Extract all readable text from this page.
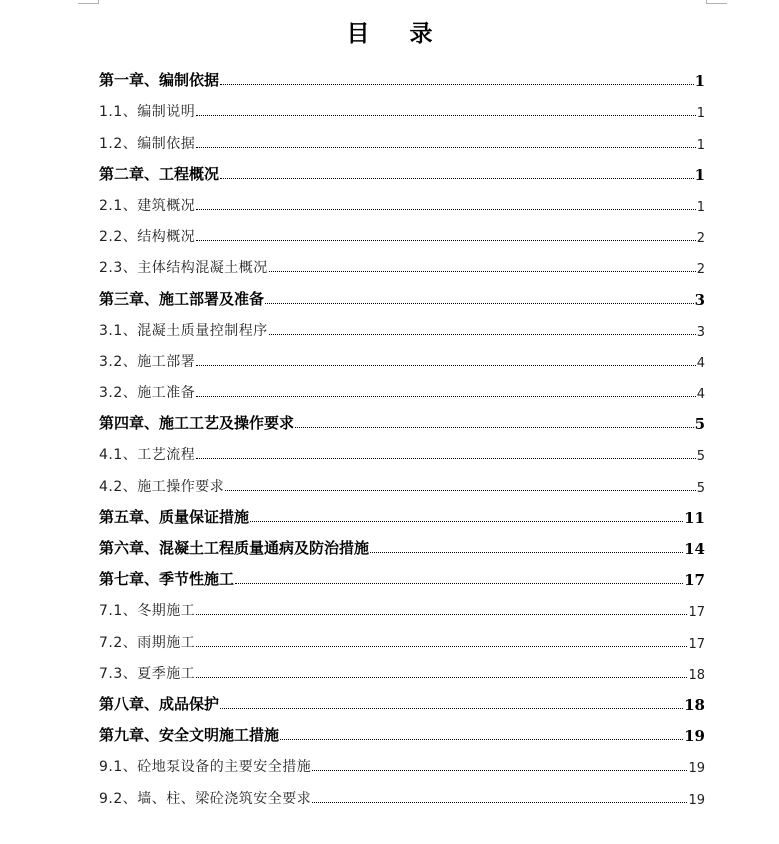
目 录
第一章、编制依据	1
1.1、编制说明	1
1.2、编制依据	1
第二章、工程概况	1
2.1、建筑概况	1
2.2、结构概况	2
2.3、主体结构混凝土概况	2
第三章、施工部署及准备	3
3.1、混凝土质量控制程序	3
3.2、施工部署	4
3.2、施工准备	4
第四章、施工工艺及操作要求	5
4.1、工艺流程	5
4.2、施工操作要求	5
第五章、质量保证措施	11
第六章、混凝土工程质量通病及防治措施	14
第七章、季节性施工	17
7.1、冬期施工	17
7.2、雨期施工	17
7.3、夏季施工	18
第八章、成品保护	18
第九章、安全文明施工措施	19
9.1、砼地泵设备的主要安全措施	19
9.2、墙、柱、梁砼浇筑安全要求	19
